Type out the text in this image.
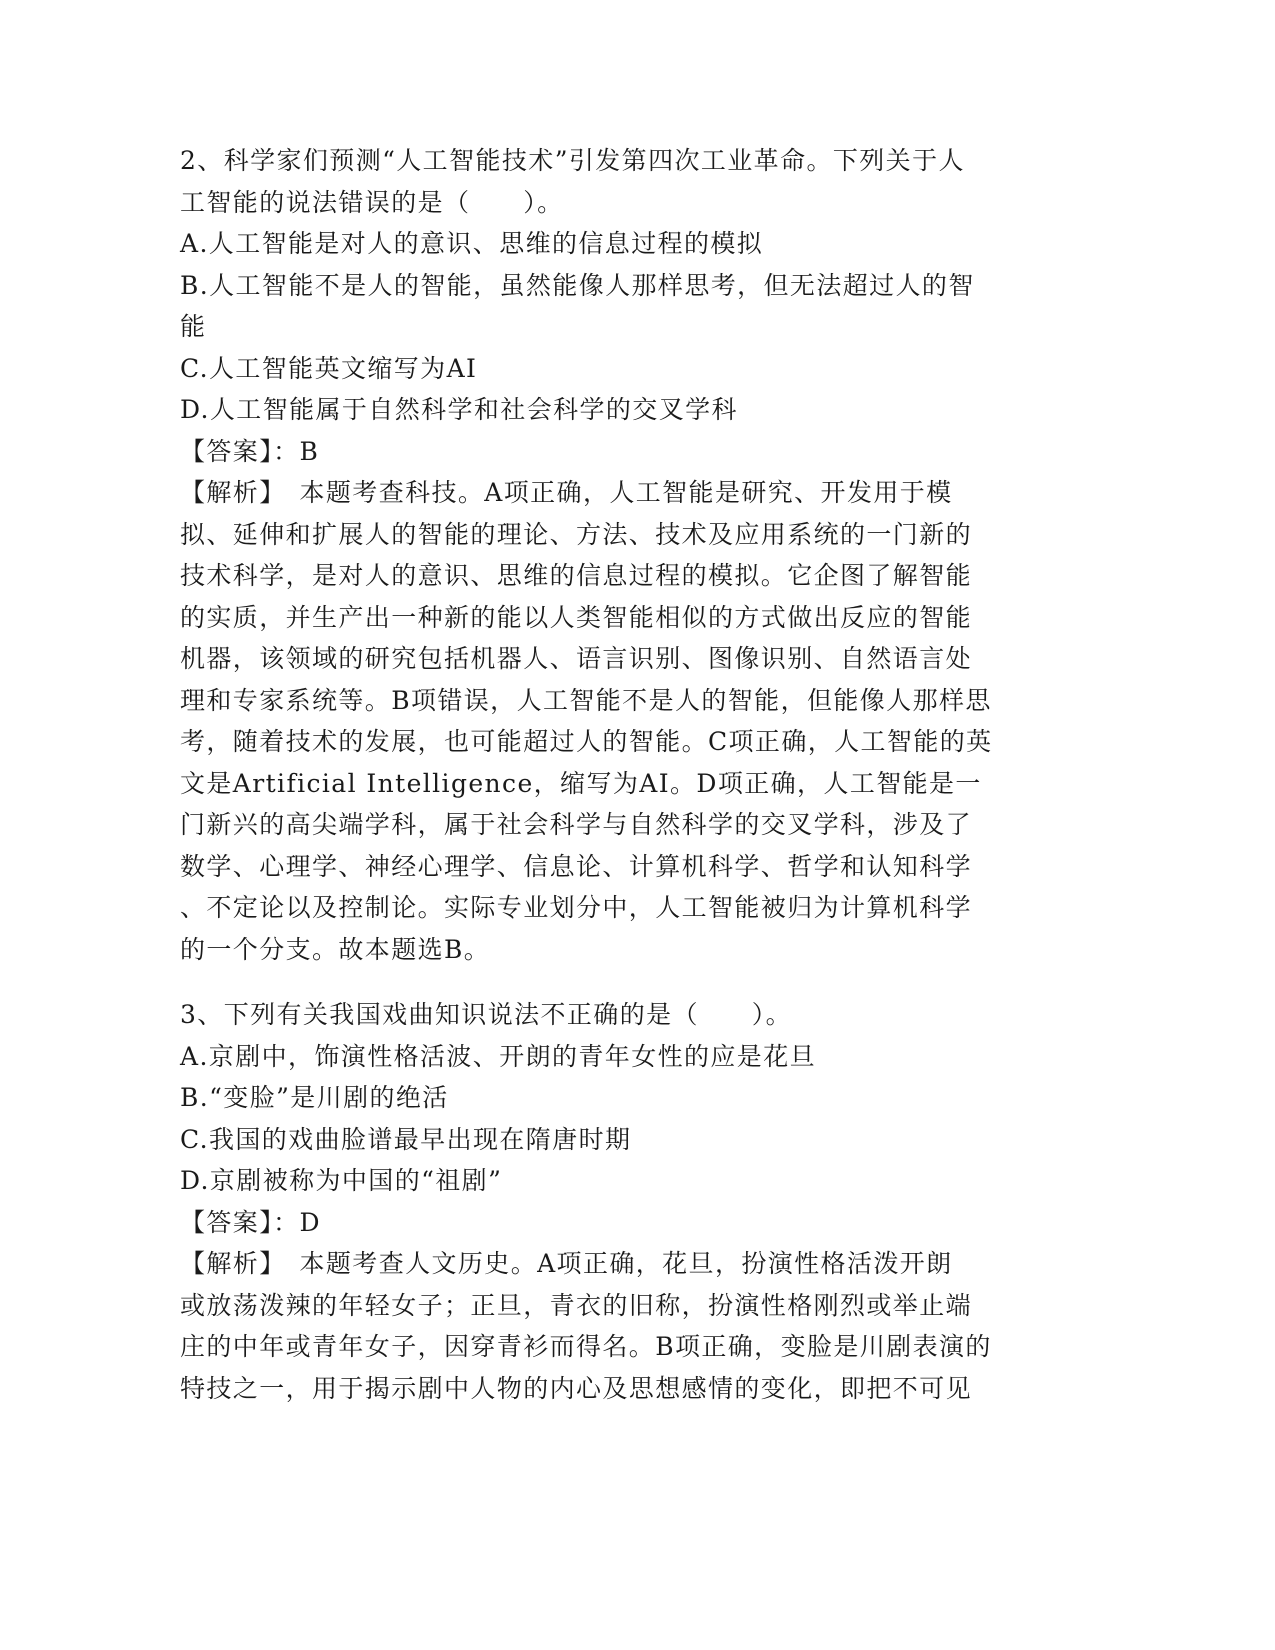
2、科学家们预测“人工智能技术”引发第四次工业革命。下列关于人
工智能的说法错误的是（　　）。
A.人工智能是对人的意识、思维的信息过程的模拟
B.人工智能不是人的智能，虽然能像人那样思考，但无法超过人的智
能
C.人工智能英文缩写为AI
D.人工智能属于自然科学和社会科学的交叉学科
【答案】：B
【解析】　本题考查科技。A项正确，人工智能是研究、开发用于模
拟、延伸和扩展人的智能的理论、方法、技术及应用系统的一门新的
技术科学，是对人的意识、思维的信息过程的模拟。它企图了解智能
的实质，并生产出一种新的能以人类智能相似的方式做出反应的智能
机器，该领域的研究包括机器人、语言识别、图像识别、自然语言处
理和专家系统等。B项错误，人工智能不是人的智能，但能像人那样思
考，随着技术的发展，也可能超过人的智能。C项正确，人工智能的英
文是Artificial Intelligence，缩写为AI。D项正确，人工智能是一
门新兴的高尖端学科，属于社会科学与自然科学的交叉学科，涉及了
数学、心理学、神经心理学、信息论、计算机科学、哲学和认知科学
、不定论以及控制论。实际专业划分中，人工智能被归为计算机科学
的一个分支。故本题选B。
3、下列有关我国戏曲知识说法不正确的是（　　）。
A.京剧中，饰演性格活波、开朗的青年女性的应是花旦
B.“变脸”是川剧的绝活
C.我国的戏曲脸谱最早出现在隋唐时期
D.京剧被称为中国的“祖剧”
【答案】：D
【解析】　本题考查人文历史。A项正确，花旦，扮演性格活泼开朗
或放荡泼辣的年轻女子；正旦，青衣的旧称，扮演性格刚烈或举止端
庄的中年或青年女子，因穿青衫而得名。B项正确，变脸是川剧表演的
特技之一，用于揭示剧中人物的内心及思想感情的变化，即把不可见
